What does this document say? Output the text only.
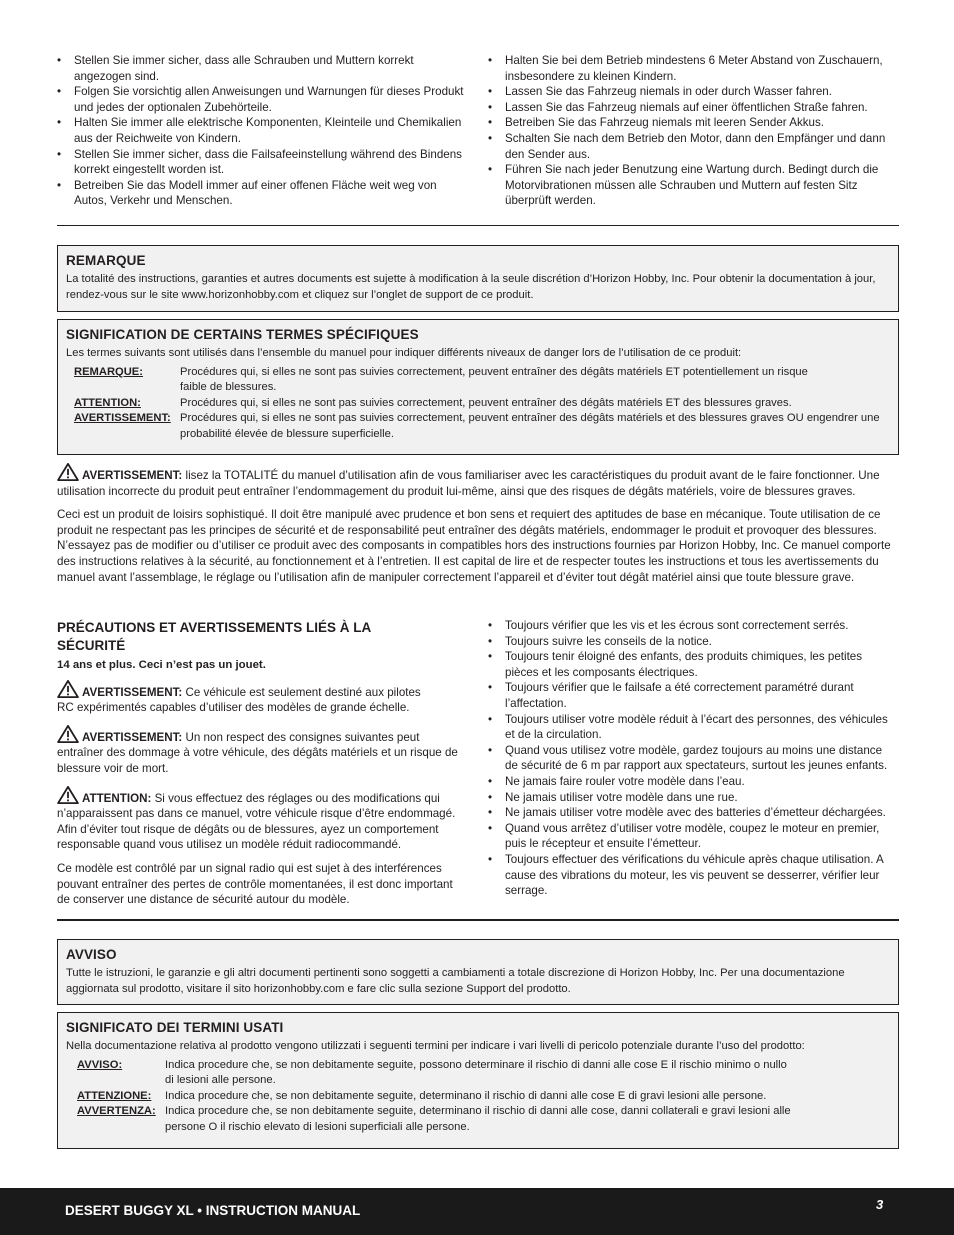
• Stellen Sie immer sicher, dass alle Schrauben und Muttern korrekt angezogen sind.
• Folgen Sie vorsichtig allen Anweisungen und Warnungen für dieses Produkt und jedes der optionalen Zubehörteile.
• Halten Sie immer alle elektrische Komponenten, Kleinteile und Chemikalien aus der Reichweite von Kindern.
• Stellen Sie immer sicher, dass die Failsafeeinstellung während des Bindens korrekt eingestellt worden ist.
• Betreiben Sie das Modell immer auf einer offenen Fläche weit weg von Autos, Verkehr und Menschen.
• Halten Sie bei dem Betrieb mindestens 6 Meter Abstand von Zuschauern, insbesondere zu kleinen Kindern.
• Lassen Sie das Fahrzeug niemals in oder durch Wasser fahren.
• Lassen Sie das Fahrzeug niemals auf einer öffentlichen Straße fahren.
• Betreiben Sie das Fahrzeug niemals mit leeren Sender Akkus.
• Schalten Sie nach dem Betrieb den Motor, dann den Empfänger und dann den Sender aus.
• Führen Sie nach jeder Benutzung eine Wartung durch. Bedingt durch die Motorvibrationen müssen alle Schrauben und Muttern auf festen Sitz überprüft werden.
REMARQUE

La totalité des instructions, garanties et autres documents est sujette à modification à la seule discrétion d’Horizon Hobby, Inc. Pour obtenir la documentation à jour, rendez-vous sur le site www.horizonhobby.com et cliquez sur l’onglet de support de ce produit.

SIGNIFICATION DE CERTAINS TERMES SPÉCIFIQUES

Les termes suivants sont utilisés dans l’ensemble du manuel pour indiquer différents niveaux de danger lors de l’utilisation de ce produit:

REMARQUE:	Procédures qui, si elles ne sont pas suivies correctement, peuvent entraîner des dégâts matériels ET potentiellement un risque faible de blessures.
ATTENTION:	Procédures qui, si elles ne sont pas suivies correctement, peuvent entraîner des dégâts matériels ET des blessures graves.
AVERTISSEMENT: Procédures qui, si elles ne sont pas suivies correctement, peuvent entraîner des dégâts matériels et des blessures graves OU engendrer une probabilité élevée de blessure superficielle.

AVERTISSEMENT: lisez la TOTALITÉ du manuel d’utilisation afin de vous familiariser avec les caractéristiques du produit avant de le faire fonctionner. Une utilisation incorrecte du produit peut entraîner l’endommagement du produit lui-même, ainsi que des risques de dégâts matériels, voire de blessures graves.

Ceci est un produit de loisirs sophistiqué. Il doit être manipulé avec prudence et bon sens et requiert des aptitudes de base en mécanique. Toute utilisation de ce produit ne respectant pas les principes de sécurité et de responsabilité peut entraîner des dégâts matériels, endommager le produit et provoquer des blessures. N’essayez pas de modifier ou d’utiliser ce produit avec des composants in compatibles hors des instructions fournies par Horizon Hobby, Inc. Ce manuel comporte des instructions relatives à la sécurité, au fonctionnement et à l’entretien. Il est capital de lire et de respecter toutes les instructions et tous les avertissements du manuel avant l’assemblage, le réglage ou l’utilisation afin de manipuler correctement l’appareil et d’éviter tout dégât matériel ainsi que toute blessure grave.

PRÉCAUTIONS ET AVERTISSEMENTS LIÉS À LA SÉCURITÉ

14 ans et plus. Ceci n’est pas un jouet.

AVERTISSEMENT: Ce véhicule est seulement destiné aux pilotes RC expérimentés capables d’utiliser des modèles de grande échelle.

AVERTISSEMENT: Un non respect des consignes suivantes peut entraîner des dommage à votre véhicule, des dégâts matériels et un risque de blessure voir de mort.

ATTENTION: Si vous effectuez des réglages ou des modifications qui n’apparaissent pas dans ce manuel, votre véhicule risque d’être endommagé. Afin d’éviter tout risque de dégâts ou de blessures, ayez un comportement responsable quand vous utilisez un modèle réduit radiocommandé.

Ce modèle est contrôlé par un signal radio qui est sujet à des interférences pouvant entraîner des pertes de contrôle momentanées, il est donc important de conserver une distance de sécurité autour du modèle.

• Toujours vérifier que les vis et les écrous sont correctement serrés.
• Toujours suivre les conseils de la notice.
• Toujours tenir éloigné des enfants, des produits chimiques, les petites pièces et les composants électriques.
• Toujours vérifier que le failsafe a été correctement paramétré durant l’affectation.
• Toujours utiliser votre modèle réduit à l’écart des personnes, des véhicules et de la circulation.
• Quand vous utilisez votre modèle, gardez toujours au moins une distance de sécurité de 6 m par rapport aux spectateurs, surtout les jeunes enfants.
• Ne jamais faire rouler votre modèle dans l’eau.
• Ne jamais utiliser votre modèle dans une rue.
• Ne jamais utiliser votre modèle avec des batteries d’émetteur déchargées.
• Quand vous arrêtez d’utiliser votre modèle, coupez le moteur en premier, puis le récepteur et ensuite l’émetteur.
• Toujours effectuer des vérifications du véhicule après chaque utilisation. A cause des vibrations du moteur, les vis peuvent se desserrer, vérifier leur serrage.
AVVISO

Tutte le istruzioni, le garanzie e gli altri documenti pertinenti sono soggetti a cambiamenti a totale discrezione di Horizon Hobby, Inc. Per una documentazione aggiornata sul prodotto, visitare il sito horizonhobby.com e fare clic sulla sezione Support del prodotto.

SIGNIFICATO DEI TERMINI USATI

Nella documentazione relativa al prodotto vengono utilizzati i seguenti termini per indicare i vari livelli di pericolo potenziale durante l’uso del prodotto:

AVVISO:	Indica procedure che, se non debitamente seguite, possono determinare il rischio di danni alle cose E il rischio minimo o nullo di lesioni alle persone.
ATTENZIONE:	Indica procedure che, se non debitamente seguite, determinano il rischio di danni alle cose E di gravi lesioni alle persone.
AVVERTENZA: Indica procedure che, se non debitamente seguite, determinano il rischio di danni alle cose, danni collaterali e gravi lesioni alle persone O il rischio elevato di lesioni superficiali alle persone.
DESERT BUGGY XL • INSTRUCTION MANUAL	3
